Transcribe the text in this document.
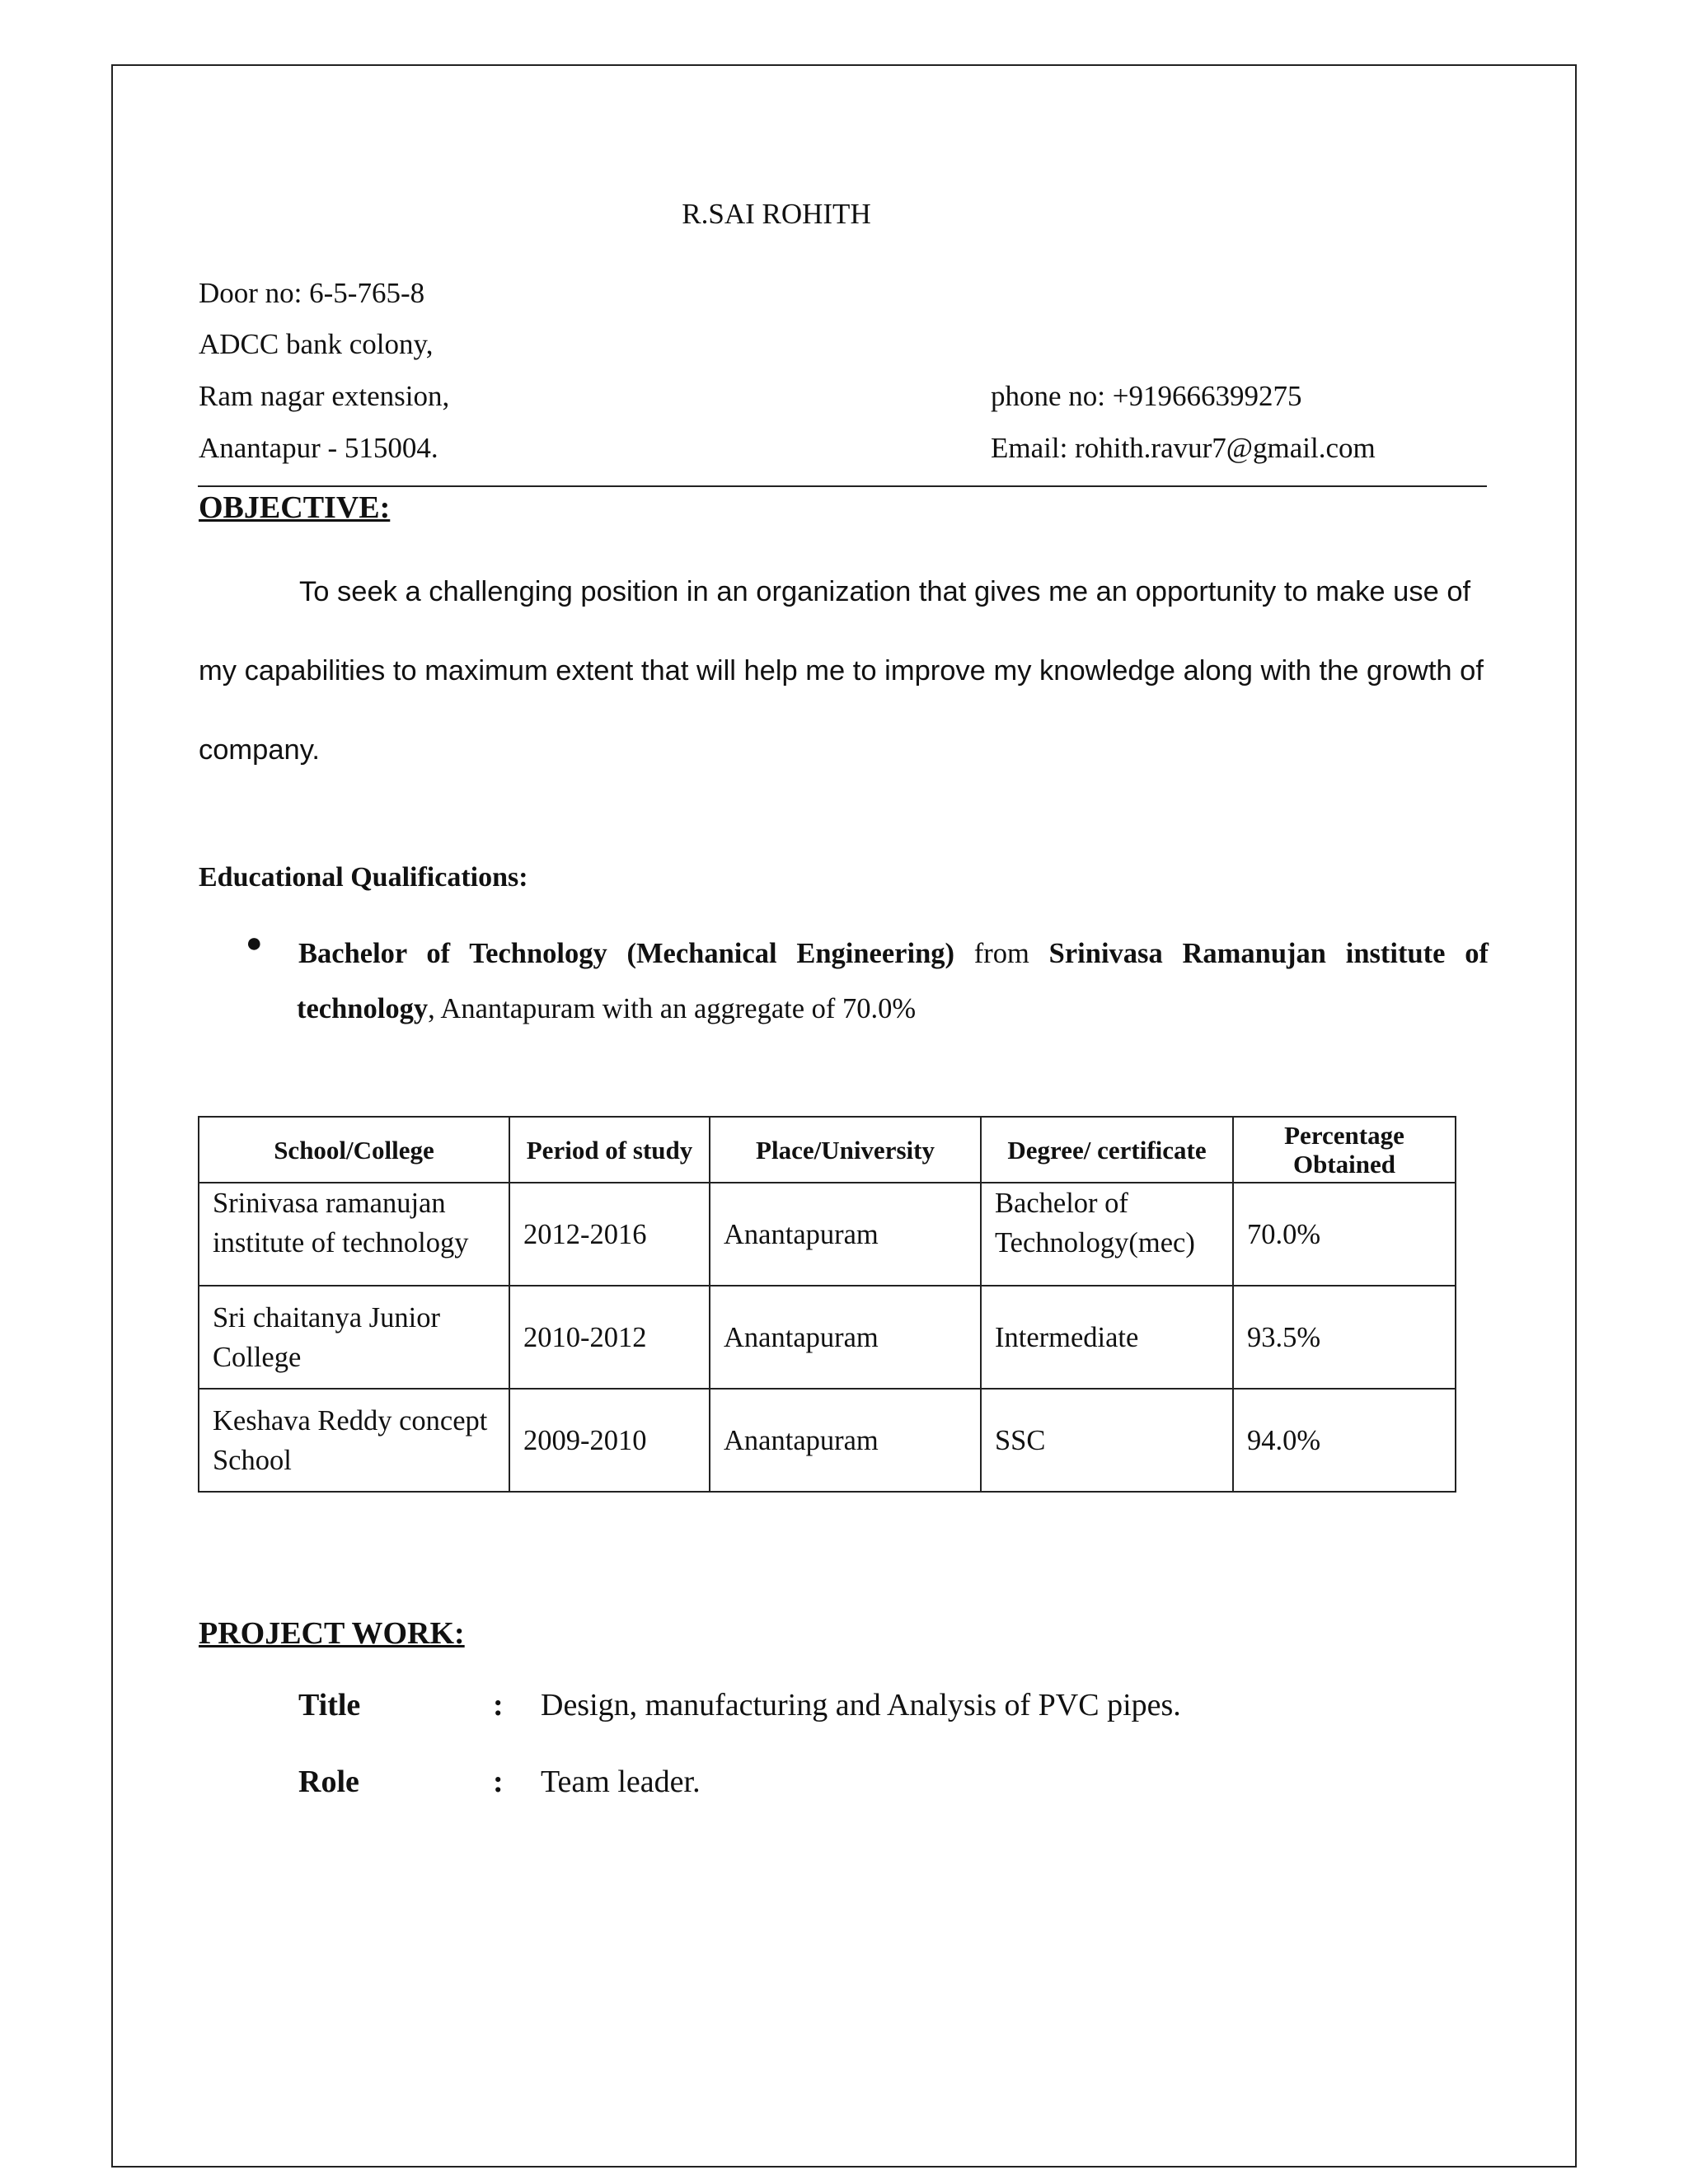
R.SAI ROHITH
Door no: 6-5-765-8
ADCC bank colony,
Ram nagar extension,
Anantapur - 515004.
phone no: +919666399275
Email: rohith.ravur7@gmail.com
OBJECTIVE:
To seek a challenging position in an organization that gives me an opportunity to make use of my capabilities to maximum extent that will help me to improve my knowledge along with the growth of company.
Educational Qualifications:
● Bachelor of Technology (Mechanical Engineering) from Srinivasa Ramanujan institute of
technology, Anantapuram with an aggregate of 70.0%
School/College	Period of study	Place/University	Degree/ certificate	Percentage Obtained
Srinivasa ramanujan institute of technology	2012-2016	Anantapuram	Bachelor of Technology(mec)	70.0%
Sri chaitanya Junior College	2010-2012	Anantapuram	Intermediate	93.5%
Keshava Reddy concept School	2009-2010	Anantapuram	SSC	94.0%
PROJECT WORK:
Title	: Design, manufacturing and Analysis of PVC pipes.
Role	: Team leader.
